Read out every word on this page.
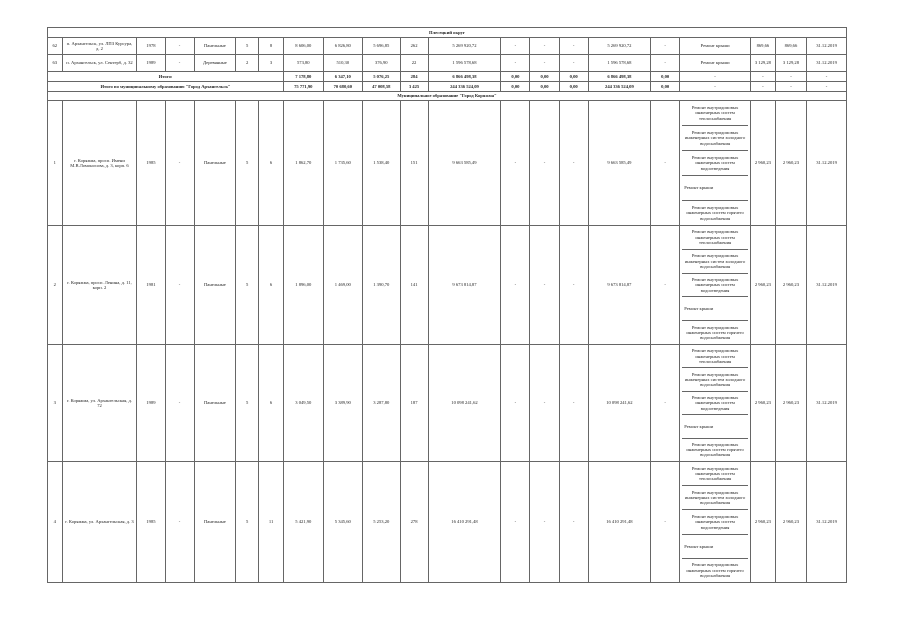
Плесецкий округ																				
62	п. Архангельск, ул. ЛПЗ Курсура, д. 2	1978	-	Панельные	5	8	8 606,00	6 826,80	5 696,85	262	5 269 920,72	-	-	-	5 269 920,72	-	Ремонт крыши	869,66	869,66	31.12.2019
63	п. Архангельск, ул. Сентерб, д. 32	1989	-	Деревянные	2	3	573,80	510,30	376,90	22	1 596 578,68	-	-	-	1 596 578,68	-	Ремонт крыши	3 129,28	3 129,28	31.12.2019
Итого:							7 178,80	6 347,10	5 076,25	284	6 866 498,38	0,00	0,00	0,00	6 866 498,38	0,00	-	-	-	-
Итого по муниципальному образованию "Город Архангельск"							75 771,90	70 680,60	47 008,58	3 425	244 336 524,09	0,00	0,00	0,00	244 336 524,09	0,00	-	-	-	-
Муниципальное образование "Город Коряжма"																				
1	г. Коряжма, просп. Имени М.В.Ломоносова, д. 3, корп. 6	1985	-	Панельные	5	6	1 862,70	1 735,60	1 538,40	151	9 663 585,49	-	-	-	9 663 585,49	-	Ремонт внутридомовых инженерных систем теплоснабжения
Ремонт внутридомовых инженерных систем холодного водоснабжения
Ремонт внутридомовых инженерных систем водоотведения
Ремонт крыши
Ремонт внутридомовых инженерных систем горячего водоснабжения	2 960,23	2 960,23	31.12.2019
2	г. Коряжма, просп. Ленина, д. 11, корп. 2	1981	-	Панельные	5	6	1 896,00	1 469,00	1 390,70	141	9 673 814,87	-	-	-	9 673 814,87	-	Ремонт внутридомовых инженерных систем теплоснабжения
Ремонт внутридомовых инженерных систем холодного водоснабжения
Ремонт внутридомовых инженерных систем водоотведения
Ремонт крыши
Ремонт внутридомовых инженерных систем горячего водоснабжения	2 960,23	2 960,23	31.12.2019
3	г. Коряжма, ул. Архангельская, д. 72	1989	-	Панельные	5	6	3 049,50	3 389,90	3 287,80	187	10 098 241,62	-	-	-	10 098 241,62	-	Ремонт внутридомовых инженерных систем теплоснабжения
Ремонт внутридомовых инженерных систем холодного водоснабжения
Ремонт внутридомовых инженерных систем водоотведения
Ремонт крыши
Ремонт внутридомовых инженерных систем горячего водоснабжения	2 960,23	2 960,23	31.12.2019
4	г. Коряжма, ул. Архангельская, д. 3	1985	-	Панельные	5	11	5 421,90	5 345,60	5 253,20	278	16 410 291,48	-	-	-	16 410 291,48	-	Ремонт внутридомовых инженерных систем теплоснабжения
Ремонт внутридомовых инженерных систем холодного водоснабжения
Ремонт внутридомовых инженерных систем водоотведения
Ремонт крыши
Ремонт внутридомовых инженерных систем горячего водоснабжения	2 960,23	2 960,23	31.12.2019
